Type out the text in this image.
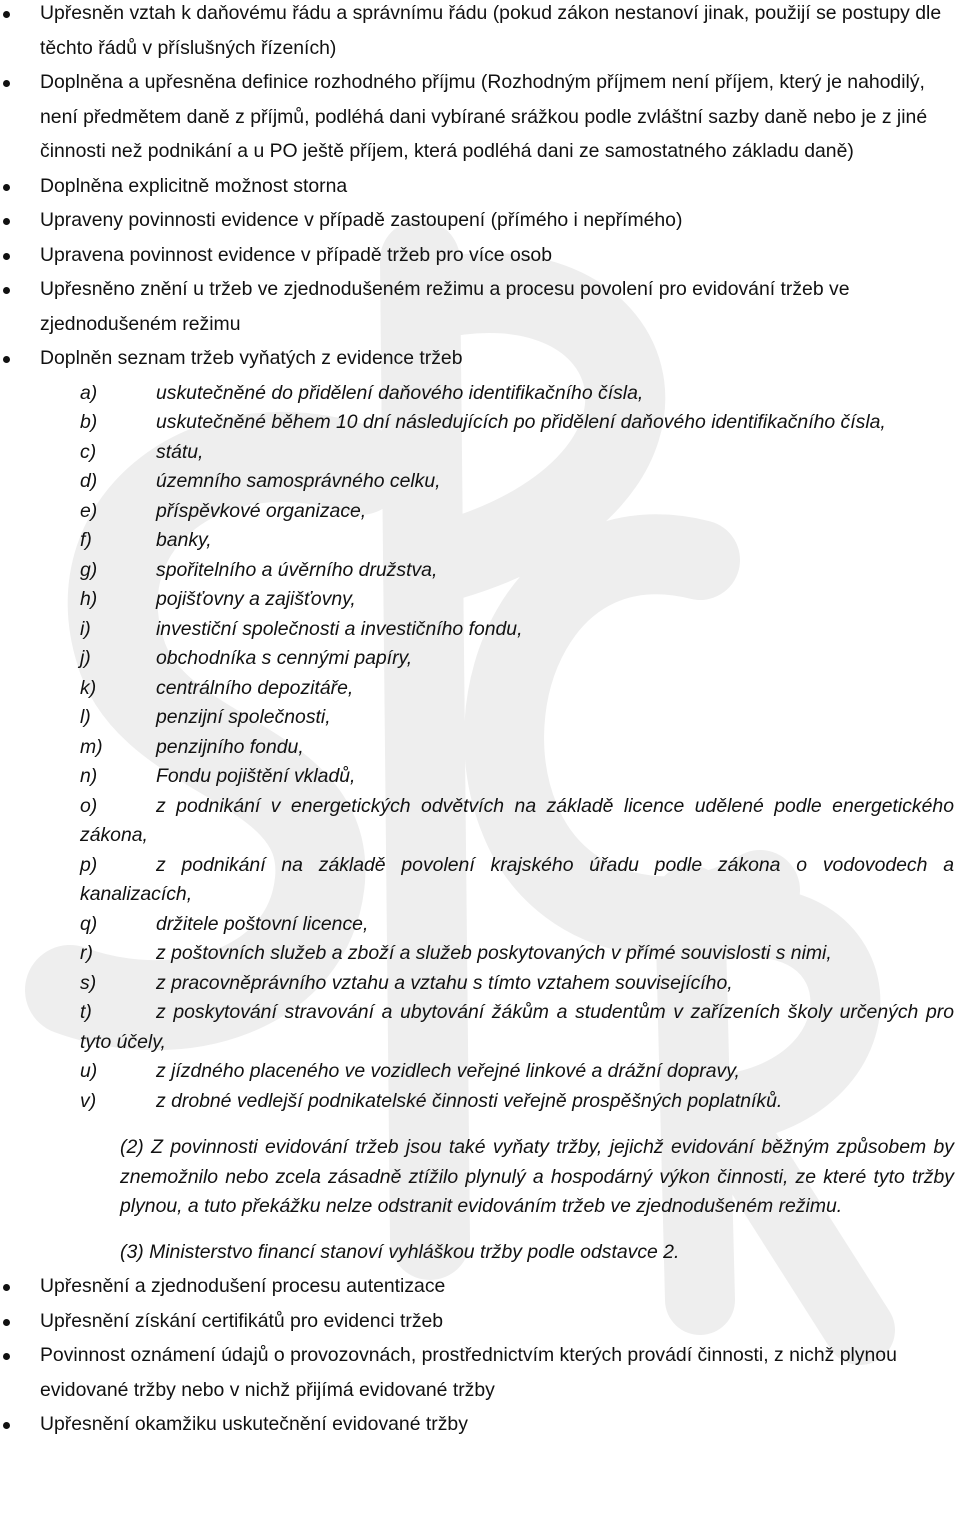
Upřesněn vztah k daňovému řádu a správnímu řádu (pokud zákon nestanoví jinak, použijí se postupy dle těchto řádů v příslušných řízeních)
Doplněna a upřesněna definice rozhodného příjmu (Rozhodným příjmem není příjem, který je nahodilý, není předmětem daně z příjmů, podléhá dani vybírané srážkou podle zvláštní sazby daně nebo je z jiné činnosti než podnikání a u PO ještě příjem, která podléhá dani ze samostatného základu daně)
Doplněna explicitně možnost storna
Upraveny povinnosti evidence v případě zastoupení (přímého i nepřímého)
Upravena povinnost evidence v případě tržeb pro více osob
Upřesněno znění u tržeb ve zjednodušeném režimu a procesu povolení pro evidování tržeb ve zjednodušeném režimu
Doplněn seznam tržeb vyňatých z evidence tržeb
a)	uskutečněné do přidělení daňového identifikačního čísla,
b)	uskutečněné během 10 dní následujících po přidělení daňového identifikačního čísla,
c)	státu,
d)	územního samosprávného celku,
e)	příspěvkové organizace,
f)	banky,
g)	spořitelního a úvěrního družstva,
h)	pojišťovny a zajišťovny,
i)	investiční společnosti a investičního fondu,
j)	obchodníka s cennými papíry,
k)	centrálního depozitáře,
l)	penzijní společnosti,
m)	penzijního fondu,
n)	Fondu pojištění vkladů,
o)	z podnikání v energetických odvětvích na základě licence udělené podle energetického zákona,
p)	z podnikání na základě povolení krajského úřadu podle zákona o vodovodech a kanalizacích,
q)	držitele poštovní licence,
r)	z poštovních služeb a zboží a služeb poskytovaných v přímé souvislosti s nimi,
s)	z pracovněprávního vztahu a vztahu s tímto vztahem souvisejícího,
t)	z poskytování stravování a ubytování žákům a studentům v zařízeních školy určených pro tyto účely,
u)	z jízdného placeného ve vozidlech veřejné linkové a drážní dopravy,
v)	z drobné vedlejší podnikatelské činnosti veřejně prospěšných poplatníků.

(2) Z povinnosti evidování tržeb jsou také vyňaty tržby, jejichž evidování běžným způsobem by znemožnilo nebo zcela zásadně ztížilo plynulý a hospodárný výkon činnosti, ze které tyto tržby plynou, a tuto překážku nelze odstranit evidováním tržeb ve zjednodušeném režimu.

(3) Ministerstvo financí stanoví vyhláškou tržby podle odstavce 2.

Upřesnění a zjednodušení procesu autentizace
Upřesnění získání certifikátů pro evidenci tržeb
Povinnost oznámení údajů o provozovnách, prostřednictvím kterých provádí činnosti, z nichž plynou evidované tržby nebo v nichž přijímá evidované tržby
Upřesnění okamžiku uskutečnění evidované tržby
